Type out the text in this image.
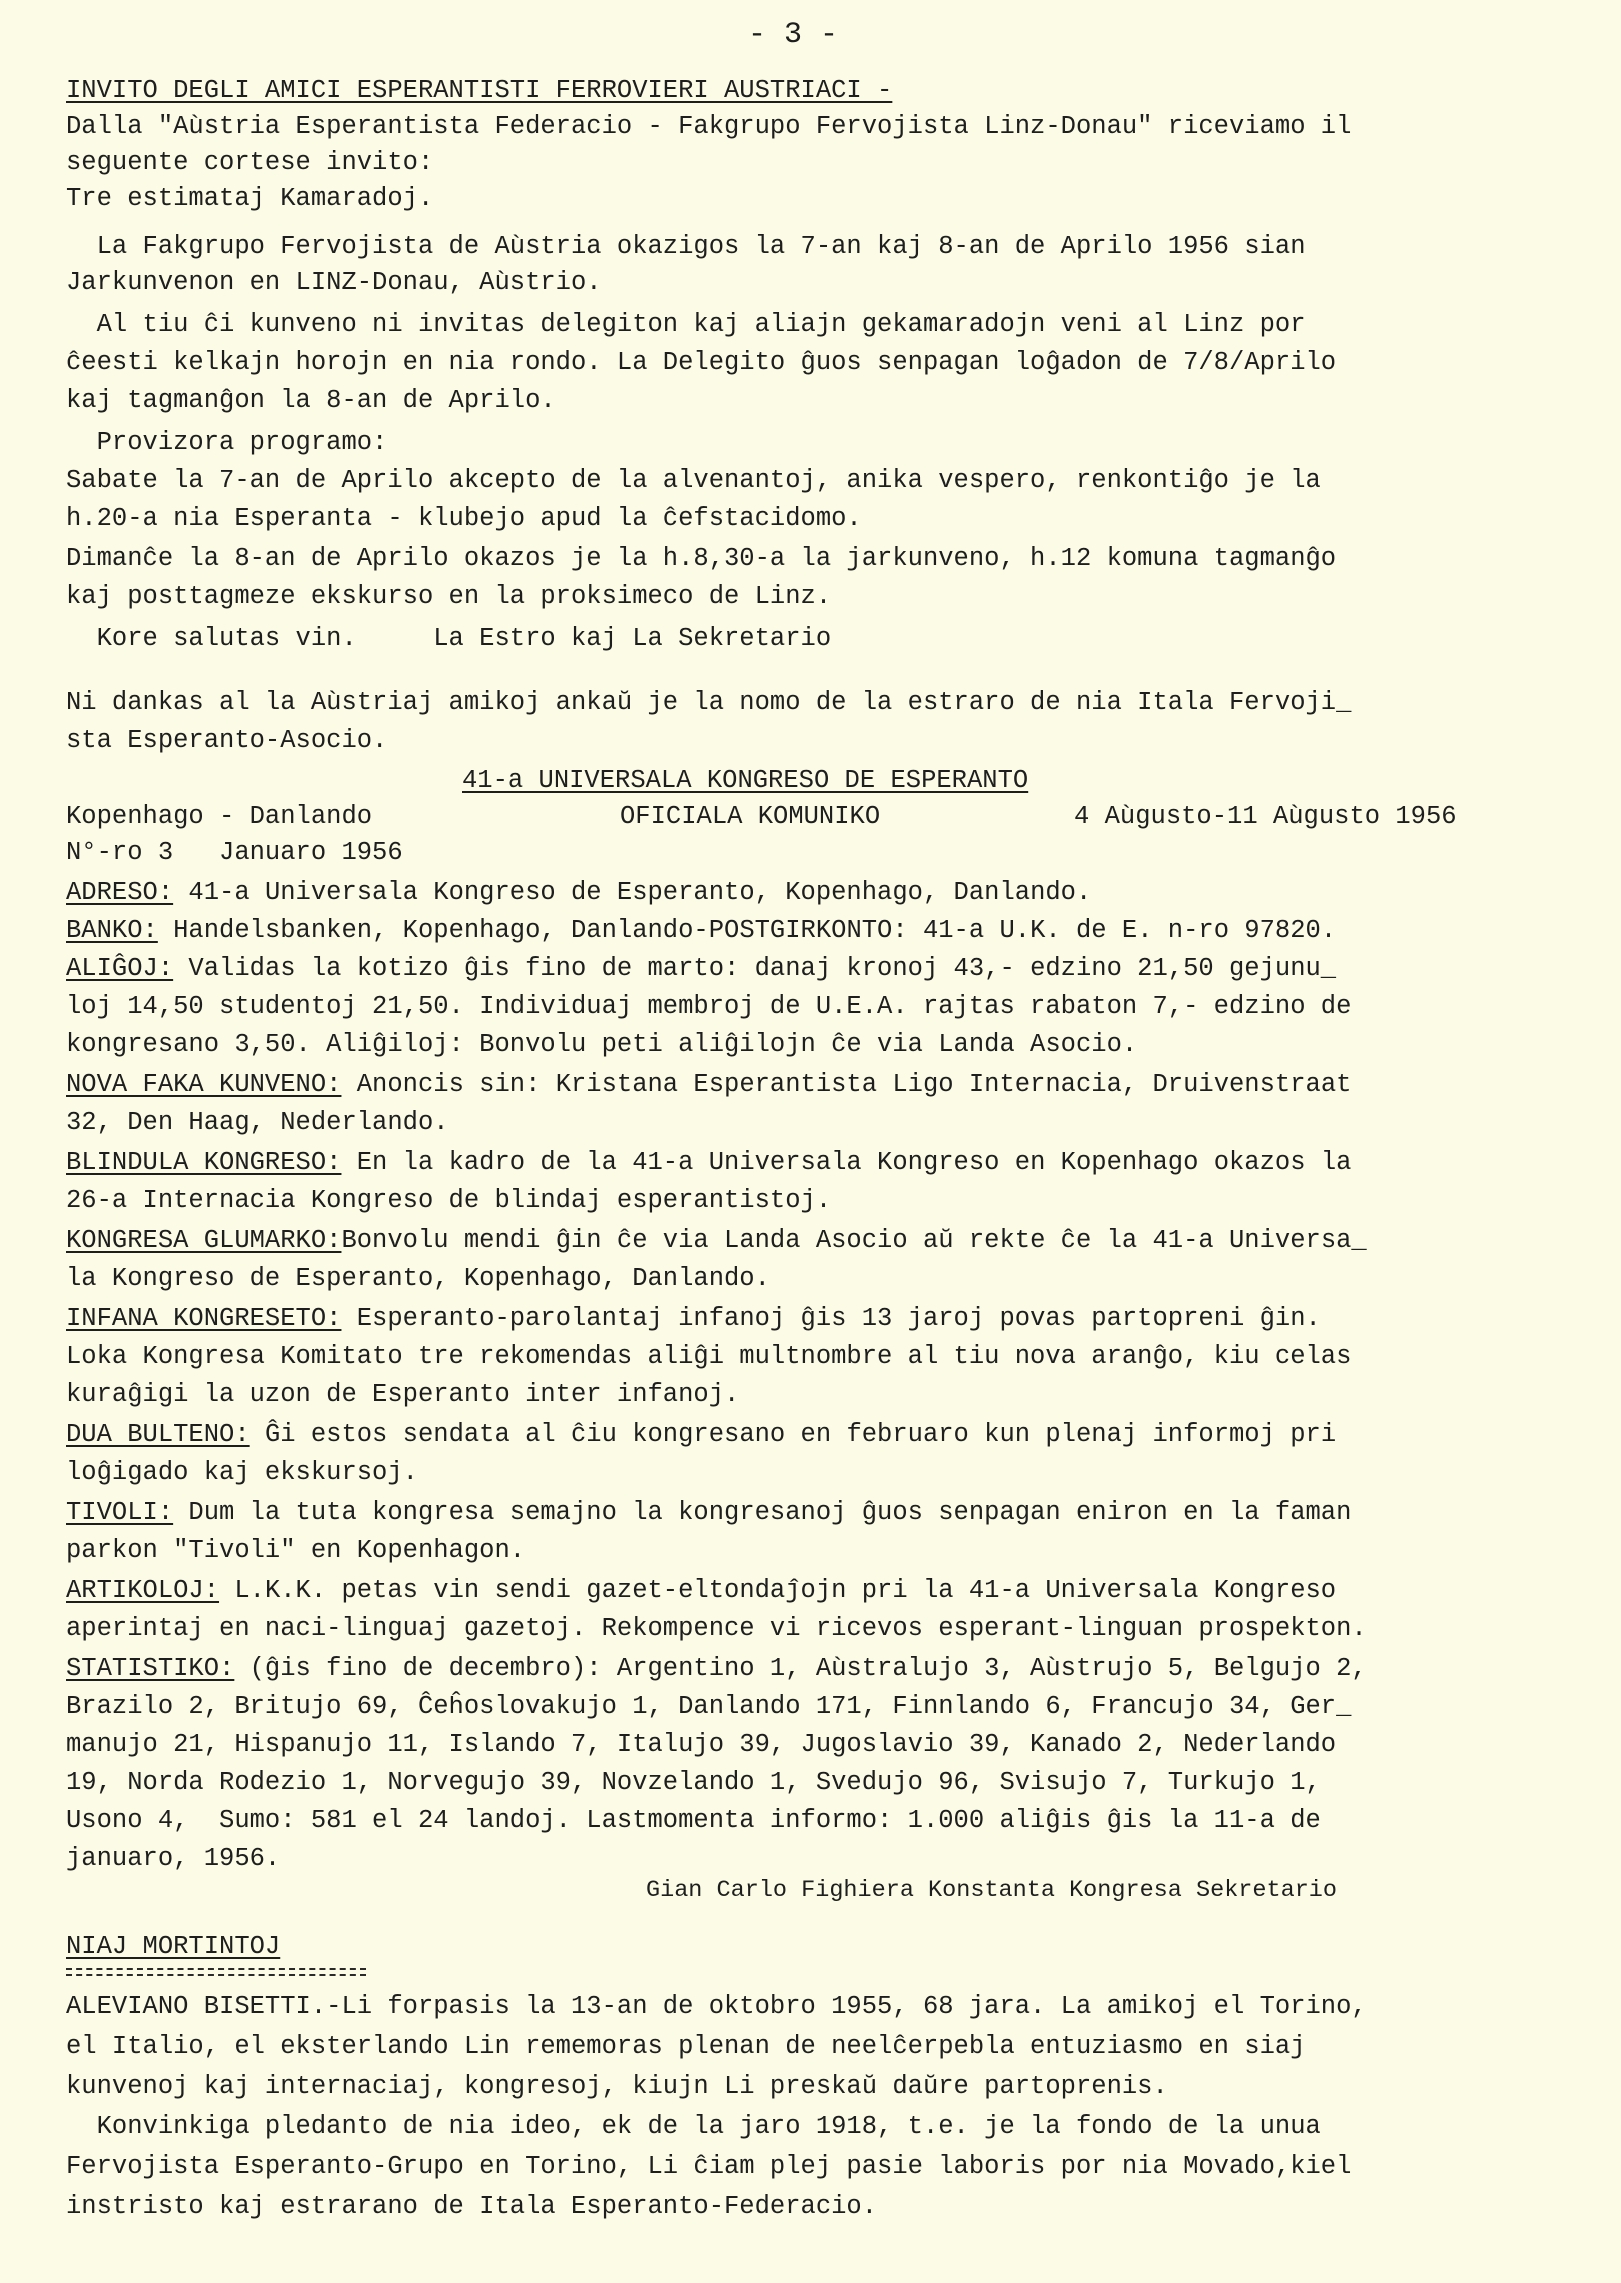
- 3 -

INVITO DEGLI AMICI ESPERANTISTI FERROVIERI AUSTRIACI -

Dalla "Aùstria Esperantista Federacio - Fakgrupo Fervojista Linz-Donau" riceviamo il

seguente cortese invito:

Tre estimataj Kamaradoj.

La Fakgrupo Fervojista de Aùstria okazigos la 7-an kaj 8-an de Aprilo 1956 sian

Jarkunvenon en LINZ-Donau, Aùstrio.

Al tiu ĉi kunveno ni invitas delegiton kaj aliajn gekamaradojn veni al Linz por

ĉeesti kelkajn horojn en nia rondo. La Delegito ĝuos senpagan loĝadon de 7/8/Aprilo

kaj tagmanĝon la 8-an de Aprilo.

Provizora programo:

Sabate la 7-an de Aprilo akcepto de la alvenantoj, anika vespero, renkontiĝo je la

h.20-a nia Esperanta - klubejo apud la ĉefstacidomo.

Dimanĉe la 8-an de Aprilo okazos je la h.8,30-a la jarkunveno, h.12 komuna tagmanĝo

kaj posttagmeze ekskurso en la proksimeco de Linz.

Kore salutas vin.     La Estro kaj La Sekretario

Ni dankas al la Aùstriaj amikoj ankaŭ je la nomo de la estraro de nia Itala Fervoji_

sta Esperanto-Asocio.

41-a UNIVERSALA KONGRESO DE ESPERANTO

Kopenhago - Danlando	OFICIALA KOMUNIKO	4 Aùgusto-11 Aùgusto 1956

N°-ro 3   Januaro 1956

ADRESO: 41-a Universala Kongreso de Esperanto, Kopenhago, Danlando.

BANKO: Handelsbanken, Kopenhago, Danlando-POSTGIRKONTO: 41-a U.K. de E. n-ro 97820.

ALIĜOJ: Validas la kotizo ĝis fino de marto: danaj kronoj 43,- edzino 21,50 gejunu_

loj 14,50 studentoj 21,50. Individuaj membroj de U.E.A. rajtas rabaton 7,- edzino de

kongresano 3,50. Aliĝiloj: Bonvolu peti aliĝilojn ĉe via Landa Asocio.

NOVA FAKA KUNVENO: Anoncis sin: Kristana Esperantista Ligo Internacia, Druivenstraat

32, Den Haag, Nederlando.

BLINDULA KONGRESO: En la kadro de la 41-a Universala Kongreso en Kopenhago okazos la

26-a Internacia Kongreso de blindaj esperantistoj.

KONGRESA GLUMARKO:Bonvolu mendi ĝin ĉe via Landa Asocio aŭ rekte ĉe la 41-a Universa_

la Kongreso de Esperanto, Kopenhago, Danlando.

INFANA KONGRESETO: Esperanto-parolantaj infanoj ĝis 13 jaroj povas partopreni ĝin.

Loka Kongresa Komitato tre rekomendas aliĝi multnombre al tiu nova aranĝo, kiu celas

kuraĝigi la uzon de Esperanto inter infanoj.

DUA BULTENO: Ĝi estos sendata al ĉiu kongresano en februaro kun plenaj informoj pri

loĝigado kaj ekskursoj.

TIVOLI: Dum la tuta kongresa semajno la kongresanoj ĝuos senpagan eniron en la faman

parkon "Tivoli" en Kopenhagon.

ARTIKOLOJ: L.K.K. petas vin sendi gazet-eltondaĵojn pri la 41-a Universala Kongreso

aperintaj en naci-linguaj gazetoj. Rekompence vi ricevos esperant-linguan prospekton.

STATISTIKO: (ĝis fino de decembro): Argentino 1, Aùstralujo 3, Aùstrujo 5, Belgujo 2,

Brazilo 2, Britujo 69, Ĉeĥoslovakujo 1, Danlando 171, Finnlando 6, Francujo 34, Ger_

manujo 21, Hispanujo 11, Islando 7, Italujo 39, Jugoslavio 39, Kanado 2, Nederlando

19, Norda Rodezio 1, Norvegujo 39, Novzelando 1, Svedujo 96, Svisujo 7, Turkujo 1,

Usono 4,  Sumo: 581 el 24 landoj. Lastmomenta informo: 1.000 aliĝis ĝis la 11-a de

januaro, 1956.

Gian Carlo Fighiera Konstanta Kongresa Sekretario

NIAJ MORTINTOJ

ALEVIANO BISETTI.-Li forpasis la 13-an de oktobro 1955, 68 jara. La amikoj el Torino,

el Italio, el eksterlando Lin rememoras plenan de neelĉerpebla entuziasmo en siaj

kunvenoj kaj internaciaj, kongresoj, kiujn Li preskaŭ daŭre partoprenis.

Konvinkiga pledanto de nia ideo, ek de la jaro 1918, t.e. je la fondo de la unua

Fervojista Esperanto-Grupo en Torino, Li ĉiam plej pasie laboris por nia Movado,kiel

instristo kaj estrarano de Itala Esperanto-Federacio.
